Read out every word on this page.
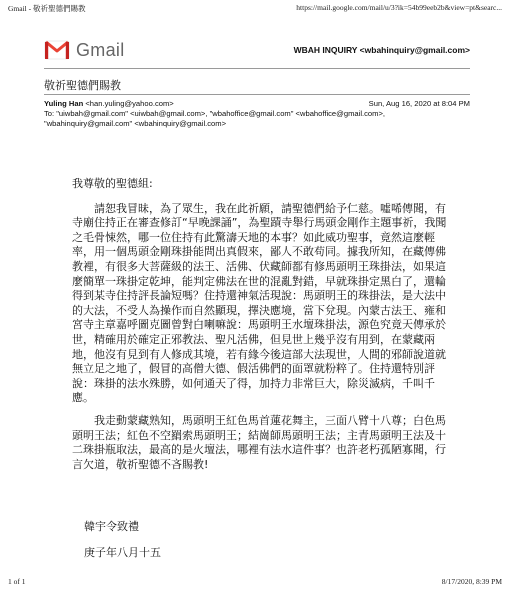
Gmail - 敬祈聖德們賜教	https://mail.google.com/mail/u/3?ik=54b99eeb2b&view=pt&searc...
Gmail	WBAH INQUIRY <wbahinquiry@gmail.com>
敬祈聖德們賜教
Yuling Han <han.yuling@yahoo.com>	Sun, Aug 16, 2020 at 8:04 PM
To: "uiwbah@gmail.com" <uiwbah@gmail.com>, "wbahoffice@gmail.com" <wbahoffice@gmail.com>,
"wbahinquiry@gmail.com" <wbahinquiry@gmail.com>

我尊敬的聖德組:

請恕我冒昧，為了眾生，我在此祈願，請聖德們給予仁慈。噓唏傳聞，有寺廟住持正在審查修訂“早晚課誦”，為聖蹟寺舉行馬頭金剛作主題事祈，我聞之毛骨悚然，哪一位住持有此驚濤天地的本事？如此威功聖事，竟然這麼輕率，用一個馬頭金剛珠掛能問出真假來，鄙人不敢苟同。據我所知，在藏傳佛教裡，有很多大菩薩級的法王、活佛、伏藏師都有修馬頭明王珠掛法，如果這麼簡單一珠掛定乾坤，能判定佛法在世的混亂對錯，早就珠掛定黑白了，還輪得到某寺住持評長論短嗎？住持還神氣活現說：馬頭明王的珠掛法，是大法中的大法，不受人為操作而自然顯現，擇決應境，當下兌現。內蒙古法王、雍和宮寺主章嘉呼圖克圖曾對白喇嘛說：馬頭明王水壇珠掛法，源色究竟天傳承於世，精確用於確定正邪教法、聖凡活佛，但見世上幾乎沒有用到，在蒙藏兩地，他沒有見到有人修成其境，若有緣今後這部大法現世，人間的邪師說道就無立足之地了，假冒的高僧大德、假活佛們的面罩就粉粹了。住持還特別評說：珠掛的法水殊勝，如何通天了得，加持力非常巨大，除災滅病，千叫千應。

我走動蒙藏熟知，馬頭明王紅色馬首蓮花舞主，三面八臂十八尊；白色馬頭明王法；紅色不空羂索馬頭明王；結崗師馬頭明王法；主青馬頭明王法及十二珠掛瓶取法，最高的是火壇法，哪裡有法水這件事？也許老朽孤陋寡聞，行言欠道，敬祈聖德不吝賜教!

韓宇令致禮
庚子年八月十五
1 of 1	8/17/2020, 8:39 PM
